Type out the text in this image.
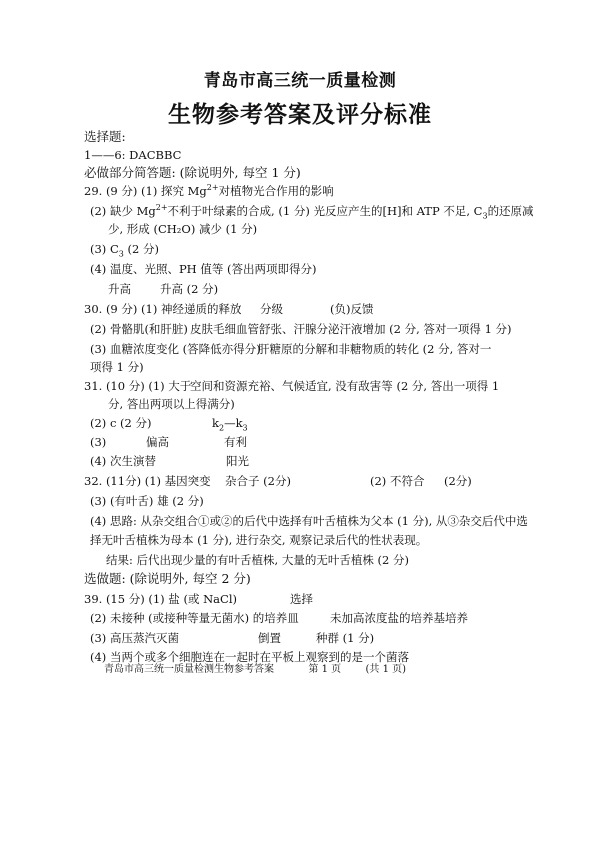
青岛市高三统一质量检测
生物参考答案及评分标准
选择题:
1——6: DACBBC
必做部分简答题: (除说明外, 每空 1 分)
29. (9 分) (1) 探究 $Mg^{2+}$对植物光合作用的影响
(2) 缺少 $Mg^{2+}$不利于叶绿素的合成, (1 分) 光反应产生的[H]和 ATP 不足, $C_3$的还原减
少, 形成 (CH₂O) 减少 (1 分)
(3) $C_3$ (2 分)
(4) 温度、光照、PH 值等 (答出两项即得分)
升高	升高 (2 分)
30. (9 分) (1) 神经递质的释放 分级	(负)反馈
(2) 骨骼肌(和肝脏) 皮肤毛细血管舒张、汗腺分泌汗液增加 (2 分, 答对一项得 1 分)
(3) 血糖浓度变化 (答降低亦得分)
肝糖原的分解和非糖物质的转化 (2 分, 答对一
项得 1 分)
31. (10 分) (1) 大于
空间和资源充裕、气候适宜, 没有敌害等 (2 分, 答出一项得 1
分, 答出两项以上得满分)
(2) c (2 分)	$k_2—k_3$
(3)	偏高	有利
(4) 次生演替	阳光
32. (11分) (1) 基因突变 杂合子 (2分)	(2) 不符合 (2分)
(3) (有叶舌) 雄 (2 分)
(4) 思路: 从杂交组合①或②的后代中选择有叶舌植株为父本 (1 分), 从③杂交后代中选
择无叶舌植株为母本 (1 分), 进行杂交, 观察记录后代的性状表现。
结果: 后代出现少量的有叶舌植株, 大量的无叶舌植株 (2 分)
选做题: (除说明外, 每空 2 分)
39. (15 分) (1) 盐 (或 NaCl)	选择
(2) 未接种 (或接种等量无菌水) 的培养皿	未加高浓度盐的培养基培养
(3) 高压蒸汽灭菌	倒置	种群 (1 分)
(4) 当两个或多个细胞连在一起时在平板上观察到的是一个菌落
青岛市高三统一质量检测生物参考答案	第 1 页 (共 1 页)
